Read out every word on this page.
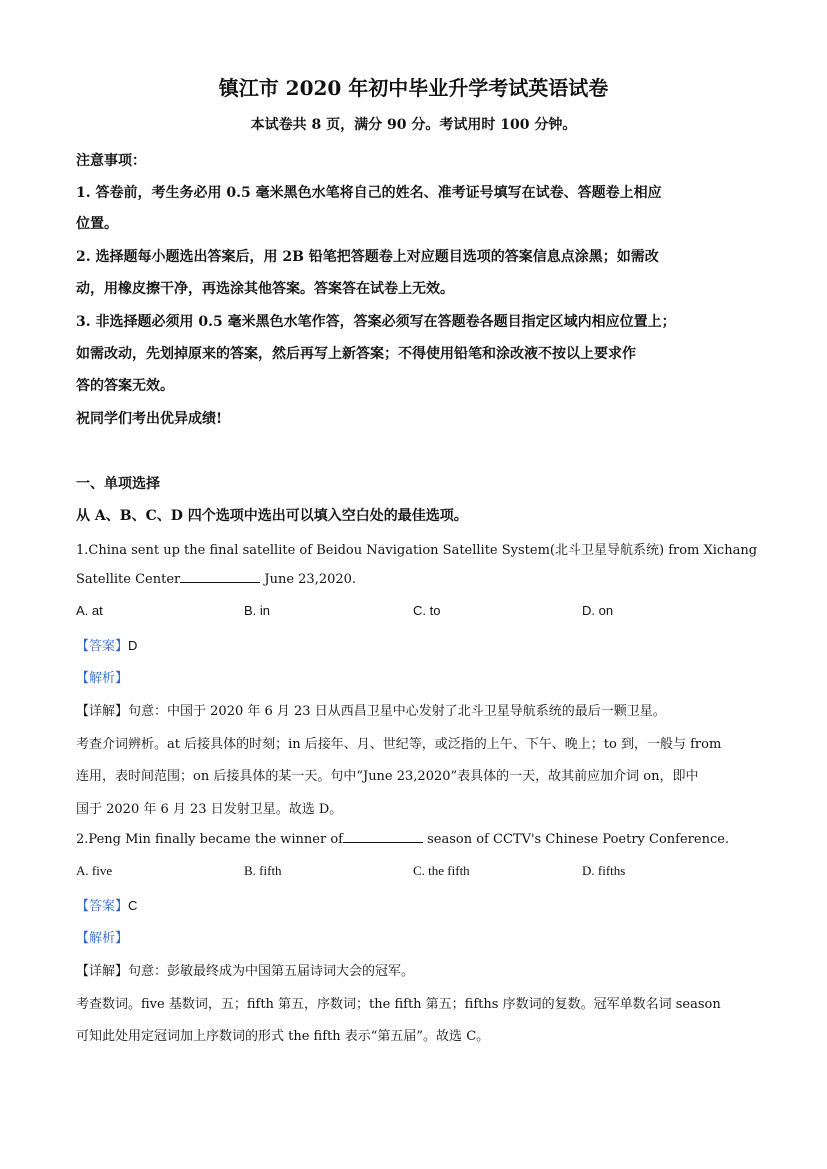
镇江市 2020 年初中毕业升学考试英语试卷
本试卷共 8 页，满分 90 分。考试用时 100 分钟。
注意事项：
1. 答卷前，考生务必用 0.5 毫米黑色水笔将自己的姓名、准考证号填写在试卷、答题卷上相应
位置。
2. 选择题每小题选出答案后，用 2B 铅笔把答题卷上对应题目选项的答案信息点涂黑；如需改
动，用橡皮擦干净，再选涂其他答案。答案答在试卷上无效。
3. 非选择题必须用 0.5 毫米黑色水笔作答，答案必须写在答题卷各题目指定区域内相应位置上；
如需改动，先划掉原来的答案，然后再写上新答案；不得使用铅笔和涂改液不按以上要求作
答的答案无效。
祝同学们考出优异成绩!
一、单项选择
从 A、B、C、D 四个选项中选出可以填入空白处的最佳选项。
1.China sent up the final satellite of Beidou Navigation Satellite System(北斗卫星导航系统) from Xichang
Satellite Center	June 23,2020.
A. at	B. in	C. to	D. on
【答案】D
【解析】
【详解】句意：中国于 2020 年 6 月 23 日从西昌卫星中心发射了北斗卫星导航系统的最后一颗卫星。
考查介词辨析。at 后接具体的时刻；in 后接年、月、世纪等，或泛指的上午、下午、晚上；to 到，一般与 from
连用，表时间范围；on 后接具体的某一天。句中“June 23,2020”表具体的一天，故其前应加介词 on，即中
国于 2020 年 6 月 23 日发射卫星。故选 D。
2.Peng Min finally became the winner of	season of CCTV's Chinese Poetry Conference.
A. five	B. fifth	C. the fifth	D. fifths
【答案】C
【解析】
【详解】句意：彭敏最终成为中国第五届诗词大会的冠军。
考查数词。five 基数词，五；fifth 第五，序数词；the fifth 第五；fifths 序数词的复数。冠军单数名词 season
可知此处用定冠词加上序数词的形式 the fifth 表示“第五届”。故选 C。
